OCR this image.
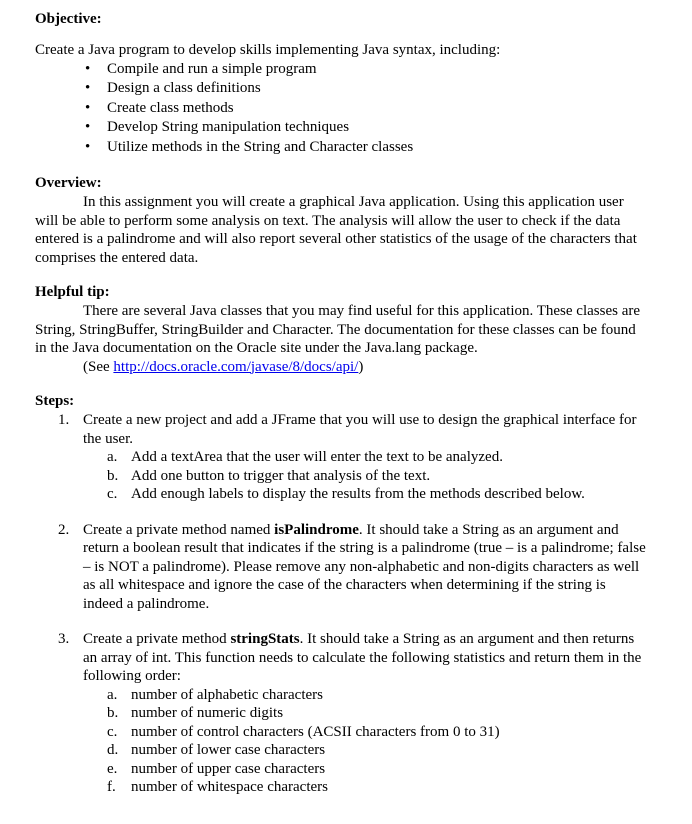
Objective:

Create a Java program to develop skills implementing Java syntax, including:

• Compile and run a simple program
• Design a class definitions
• Create class methods
• Develop String manipulation techniques
• Utilize methods in the String and Character classes

Overview:

In this assignment you will create a graphical Java application. Using this application user will be able to perform some analysis on text. The analysis will allow the user to check if the data entered is a palindrome and will also report several other statistics of the usage of the characters that comprises the entered data.

Helpful tip:

There are several Java classes that you may find useful for this application. These classes are String, StringBuffer, StringBuilder and Character. The documentation for these classes can be found in the Java documentation on the Oracle site under the Java.lang package.

(See http://docs.oracle.com/javase/8/docs/api/)

Steps:

1. Create a new project and add a JFrame that you will use to design the graphical interface for the user.
a. Add a textArea that the user will enter the text to be analyzed.
b. Add one button to trigger that analysis of the text.
c. Add enough labels to display the results from the methods described below.
2. Create a private method named isPalindrome. It should take a String as an argument and return a boolean result that indicates if the string is a palindrome (true – is a palindrome; false – is NOT a palindrome). Please remove any non-alphabetic and non-digits characters as well as all whitespace and ignore the case of the characters when determining if the string is indeed a palindrome.
3. Create a private method stringStats. It should take a String as an argument and then returns an array of int. This function needs to calculate the following statistics and return them in the following order:
a. number of alphabetic characters
b. number of numeric digits
c. number of control characters (ACSII characters from 0 to 31)
d. number of lower case characters
e. number of upper case characters
f. number of whitespace characters
